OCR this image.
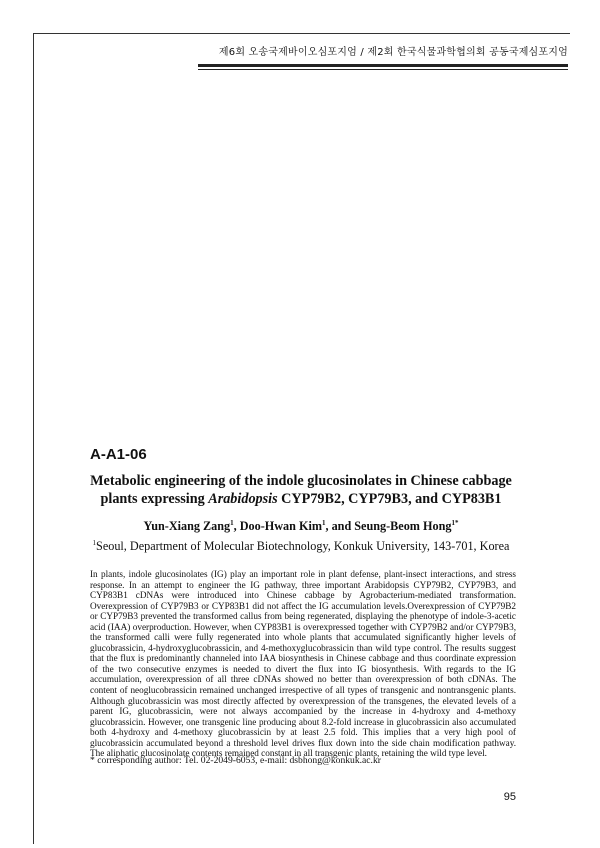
제6회 오송국제바이오심포지엄 / 제2회 한국식물과학협의회 공동국제심포지엄
A-A1-06
Metabolic engineering of the indole glucosinolates in Chinese cabbage
plants expressing Arabidopsis CYP79B2, CYP79B3, and CYP83B1
Yun-Xiang Zang$^1$, Doo-Hwan Kim$^1$, and Seung-Beom Hong$^{1*}$
$^1$Seoul, Department of Molecular Biotechnology, Konkuk University, 143-701, Korea
In plants, indole glucosinolates (IG) play an important role in plant defense, plant-insect interactions, and stress response. In an attempt to engineer the IG pathway, three important Arabidopsis CYP79B2, CYP79B3, and CYP83B1 cDNAs were introduced into Chinese cabbage by Agrobacterium-mediated transformation. Overexpression of CYP79B3 or CYP83B1 did not affect the IG accumulation levels.Overexpression of CYP79B2 or CYP79B3 prevented the transformed callus from being regenerated, displaying the phenotype of indole-3-acetic acid (IAA) overproduction. However, when CYP83B1 is overexpressed together with CYP79B2 and/or CYP79B3, the transformed calli were fully regenerated into whole plants that accumulated significantly higher levels of glucobrassicin, 4-hydroxyglucobrassicin, and 4-methoxyglucobrassicin than wild type control. The results suggest that the flux is predominantly channeled into IAA biosynthesis in Chinese cabbage and thus coordinate expression of the two consecutive enzymes is needed to divert the flux into IG biosynthesis. With regards to the IG accumulation, overexpression of all three cDNAs showed no better than overexpression of both cDNAs. The content of neoglucobrassicin remained unchanged irrespective of all types of transgenic and nontransgenic plants. Although glucobrassicin was most directly affected by overexpression of the transgenes, the elevated levels of a parent IG, glucobrassicin, were not always accompanied by the increase in 4-hydroxy and 4-methoxy glucobrassicin. However, one transgenic line producing about 8.2-fold increase in glucobrassicin also accumulated both 4-hydroxy and 4-methoxy glucobrassicin by at least 2.5 fold. This implies that a very high pool of glucobrassicin accumulated beyond a threshold level drives flux down into the side chain modification pathway. The aliphatic glucosinolate contents remained constant in all transgenic plants, retaining the wild type level.
* corresponding author: Tel. 02-2049-6053, e-mail: dsbhong@konkuk.ac.kr
95
